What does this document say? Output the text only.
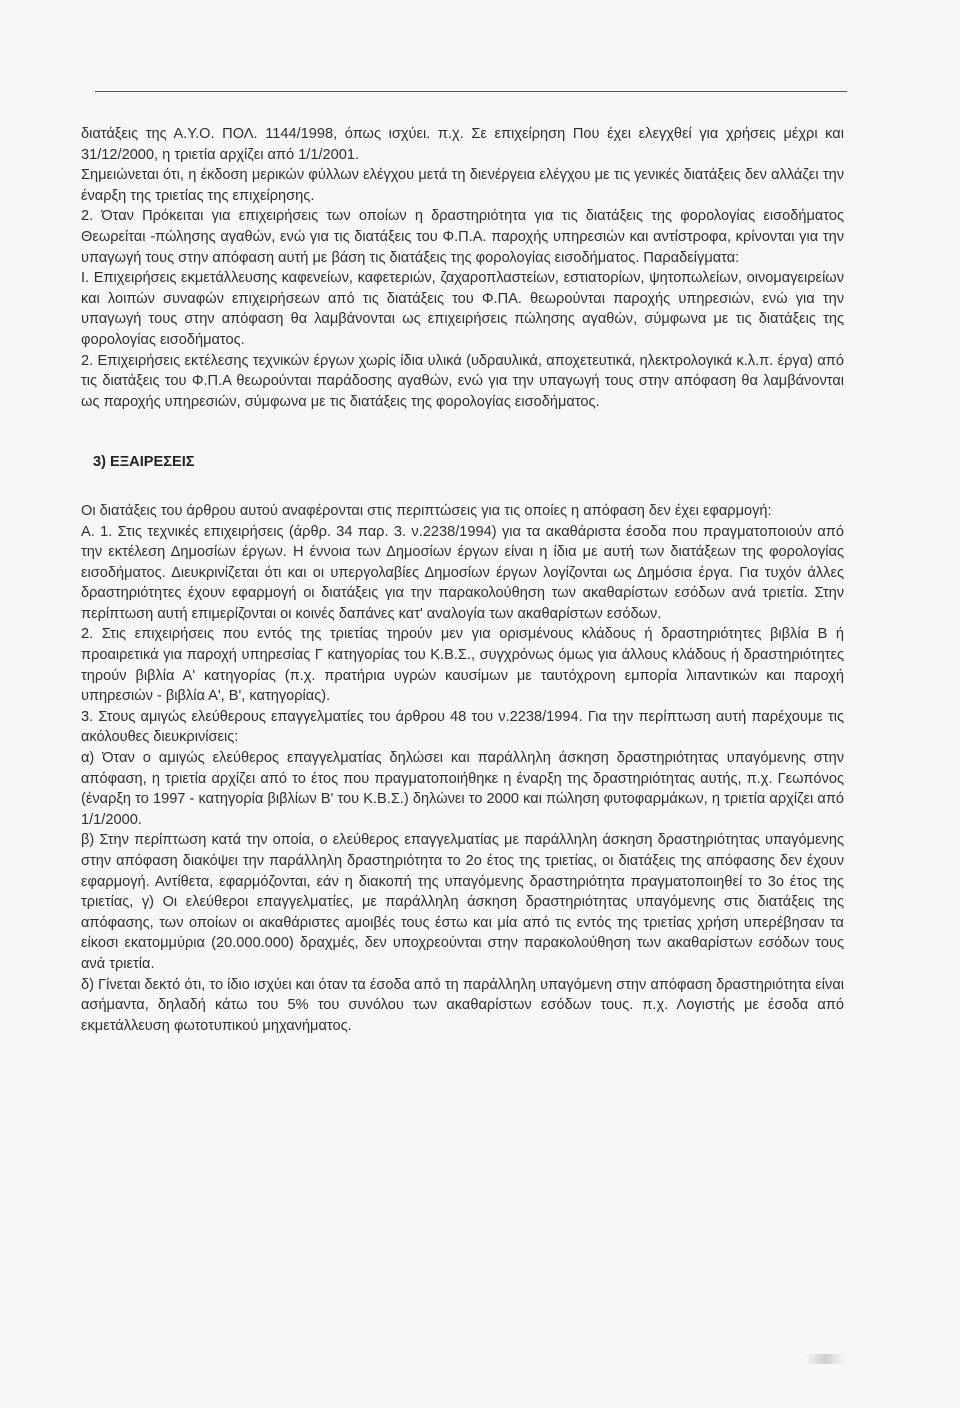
διατάξεις της Α.Υ.Ο. ΠΟΛ. 1144/1998, όπως ισχύει. π.χ. Σε επιχείρηση Που έχει ελεγχθεί για χρήσεις μέχρι και 31/12/2000, η τριετία αρχίζει από 1/1/2001.

Σημειώνεται ότι, η έκδοση μερικών φύλλων ελέγχου μετά τη διενέργεια ελέγχου με τις γενικές διατάξεις δεν αλλάζει την έναρξη της τριετίας της επιχείρησης.

2. Όταν Πρόκειται για επιχειρήσεις των οποίων η δραστηριότητα για τις διατάξεις της φορολογίας εισοδήματος Θεωρείται -πώλησης αγαθών, ενώ για τις διατάξεις του Φ.Π.Α. παροχής υπηρεσιών και αντίστροφα, κρίνονται για την υπαγωγή τους στην απόφαση αυτή με βάση τις διατάξεις της φορολογίας εισοδήματος. Παραδείγματα:

Ι. Επιχειρήσεις εκμετάλλευσης καφενείων, καφετεριών, ζαχαροπλαστείων, εστιατορίων, ψητοπωλείων, οινομαγειρείων και λοιπών συναφών επιχειρήσεων από τις διατάξεις του Φ.ΠΑ. θεωρούνται παροχής υπηρεσιών, ενώ για την υπαγωγή τους στην απόφαση θα λαμβάνονται ως επιχειρήσεις πώλησης αγαθών, σύμφωνα με τις διατάξεις της φορολογίας εισοδήματος.

2. Επιχειρήσεις εκτέλεσης τεχνικών έργων χωρίς ίδια υλικά (υδραυλικά, αποχετευτικά, ηλεκτρολογικά κ.λ.π. έργα) από τις διατάξεις του Φ.Π.Α θεωρούνται παράδοσης αγαθών, ενώ για την υπαγωγή τους στην απόφαση θα λαμβάνονται ως παροχής υπηρεσιών, σύμφωνα με τις διατάξεις της φορολογίας εισοδήματος.

3) ΕΞΑΙΡΕΣΕΙΣ

Οι διατάξεις του άρθρου αυτού αναφέρονται στις περιπτώσεις για τις οποίες η απόφαση δεν έχει εφαρμογή:

Α. 1. Στις τεχνικές επιχειρήσεις (άρθρ. 34 παρ. 3. ν.2238/1994) για τα ακαθάριστα έσοδα που πραγματοποιούν από την εκτέλεση Δημοσίων έργων. Η έννοια των Δημοσίων έργων είναι η ίδια με αυτή των διατάξεων της φορολογίας εισοδήματος. Διευκρινίζεται ότι και οι υπεργολαβίες Δημοσίων έργων λογίζονται ως Δημόσια έργα. Για τυχόν άλλες δραστηριότητες έχουν εφαρμογή οι διατάξεις για την παρακολούθηση των ακαθαρίστων εσόδων ανά τριετία. Στην περίπτωση αυτή επιμερίζονται οι κοινές δαπάνες κατ' αναλογία των ακαθαρίστων εσόδων.

2. Στις επιχειρήσεις που εντός της τριετίας τηρούν μεν για ορισμένους κλάδους ή δραστηριότητες βιβλία Β ή προαιρετικά για παροχή υπηρεσίας Γ κατηγορίας του Κ.Β.Σ., συγχρόνως όμως για άλλους κλάδους ή δραστηριότητες τηρούν βιβλία Α' κατηγορίας (π.χ. πρατήρια υγρών καυσίμων με ταυτόχρονη εμπορία λιπαντικών και παροχή υπηρεσιών - βιβλία Α', Β', κατηγορίας).

3. Στους αμιγώς ελεύθερους επαγγελματίες του άρθρου 48 του ν.2238/1994. Για την περίπτωση αυτή παρέχουμε τις ακόλουθες διευκρινίσεις:

α) Όταν ο αμιγώς ελεύθερος επαγγελματίας δηλώσει και παράλληλη άσκηση δραστηριότητας υπαγόμενης στην απόφαση, η τριετία αρχίζει από το έτος που πραγματοποιήθηκε η έναρξη της δραστηριότητας αυτής, π.χ. Γεωπόνος (έναρξη το 1997 - κατηγορία βιβλίων Β' του Κ.Β.Σ.) δηλώνει το 2000 και πώληση φυτοφαρμάκων, η τριετία αρχίζει από 1/1/2000.

β) Στην περίπτωση κατά την οποία, ο ελεύθερος επαγγελματίας με παράλληλη άσκηση δραστηριότητας υπαγόμενης στην απόφαση διακόψει την παράλληλη δραστηριότητα το 2ο έτος της τριετίας, οι διατάξεις της απόφασης δεν έχουν εφαρμογή. Αντίθετα, εφαρμόζονται, εάν η διακοπή της υπαγόμενης δραστηριότητα πραγματοποιηθεί το 3ο έτος της τριετίας, γ) Οι ελεύθεροι επαγγελματίες, με παράλληλη άσκηση δραστηριότητας υπαγόμενης στις διατάξεις της απόφασης, των οποίων οι ακαθάριστες αμοιβές τους έστω και μία από τις εντός της τριετίας χρήση υπερέβησαν τα είκοσι εκατομμύρια (20.000.000) δραχμές, δεν υποχρεούνται στην παρακολούθηση των ακαθαρίστων εσόδων τους ανά τριετία.

δ) Γίνεται δεκτό ότι, το ίδιο ισχύει και όταν τα έσοδα από τη παράλληλη υπαγόμενη στην απόφαση δραστηριότητα είναι ασήμαντα, δηλαδή κάτω του 5% του συνόλου των ακαθαρίστων εσόδων τους. π.χ. Λογιστής με έσοδα από εκμετάλλευση φωτοτυπικού μηχανήματος.
